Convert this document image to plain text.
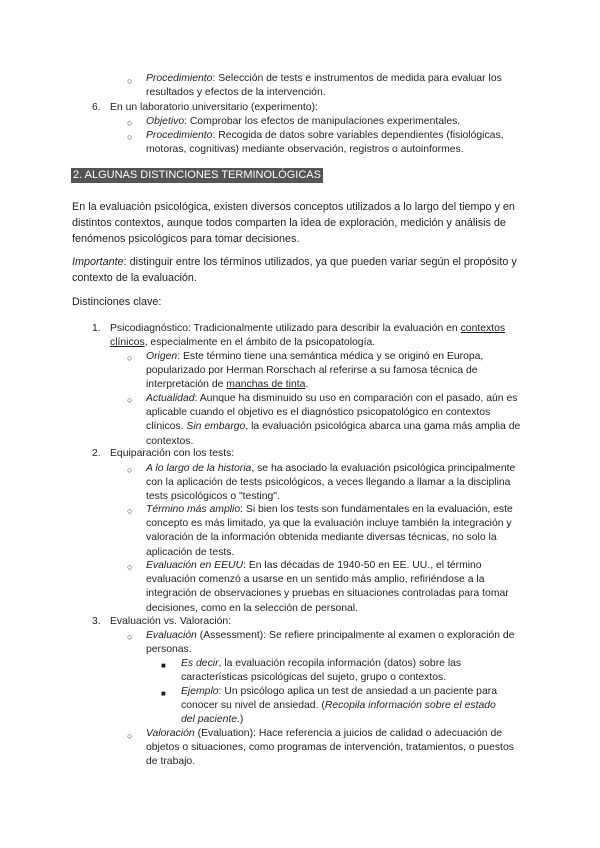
○ Procedimiento: Selección de tests e instrumentos de medida para evaluar los resultados y efectos de la intervención.
6. En un laboratorio universitario (experimento):
○ Objetivo: Comprobar los efectos de manipulaciones experimentales.
○ Procedimiento: Recogida de datos sobre variables dependientes (fisiológicas, motoras, cognitivas) mediante observación, registros o autoinformes.
2. ALGUNAS DISTINCIONES TERMINOLÓGICAS
En la evaluación psicológica, existen diversos conceptos utilizados a lo largo del tiempo y en distintos contextos, aunque todos comparten la idea de exploración, medición y análisis de fenómenos psicológicos para tomar decisiones.
Importante: distinguir entre los términos utilizados, ya que pueden variar según el propósito y contexto de la evaluación.
Distinciones clave:
1. Psicodiagnóstico: Tradicionalmente utilizado para describir la evaluación en contextos clínicos, especialmente en el ámbito de la psicopatología.
○ Origen: Este término tiene una semántica médica y se originó en Europa, popularizado por Herman Rorschach al referirse a su famosa técnica de interpretación de manchas de tinta.
○ Actualidad: Aunque ha disminuido su uso en comparación con el pasado, aún es aplicable cuando el objetivo es el diagnóstico psicopatológico en contextos clínicos. Sin embargo, la evaluación psicológica abarca una gama más amplia de contextos.
2. Equiparación con los tests:
○ A lo largo de la historia, se ha asociado la evaluación psicológica principalmente con la aplicación de tests psicológicos, a veces llegando a llamar a la disciplina tests psicológicos o "testing".
○ Término más amplio: Si bien los tests son fundamentales en la evaluación, este concepto es más limitado, ya que la evaluación incluye también la integración y valoración de la información obtenida mediante diversas técnicas, no solo la aplicación de tests.
○ Evaluación en EEUU: En las décadas de 1940-50 en EE. UU., el término evaluación comenzó a usarse en un sentido más amplio, refiriéndose a la integración de observaciones y pruebas en situaciones controladas para tomar decisiones, como en la selección de personal.
3. Evaluación vs. Valoración:
○ Evaluación (Assessment): Se refiere principalmente al examen o exploración de personas.
■ Es decir, la evaluación recopila información (datos) sobre las características psicológicas del sujeto, grupo o contextos.
■ Ejemplo: Un psicólogo aplica un test de ansiedad a un paciente para conocer su nivel de ansiedad. (Recopila información sobre el estado del paciente.)
○ Valoración (Evaluation): Hace referencia a juicios de calidad o adecuación de objetos o situaciones, como programas de intervención, tratamientos, o puestos de trabajo.
